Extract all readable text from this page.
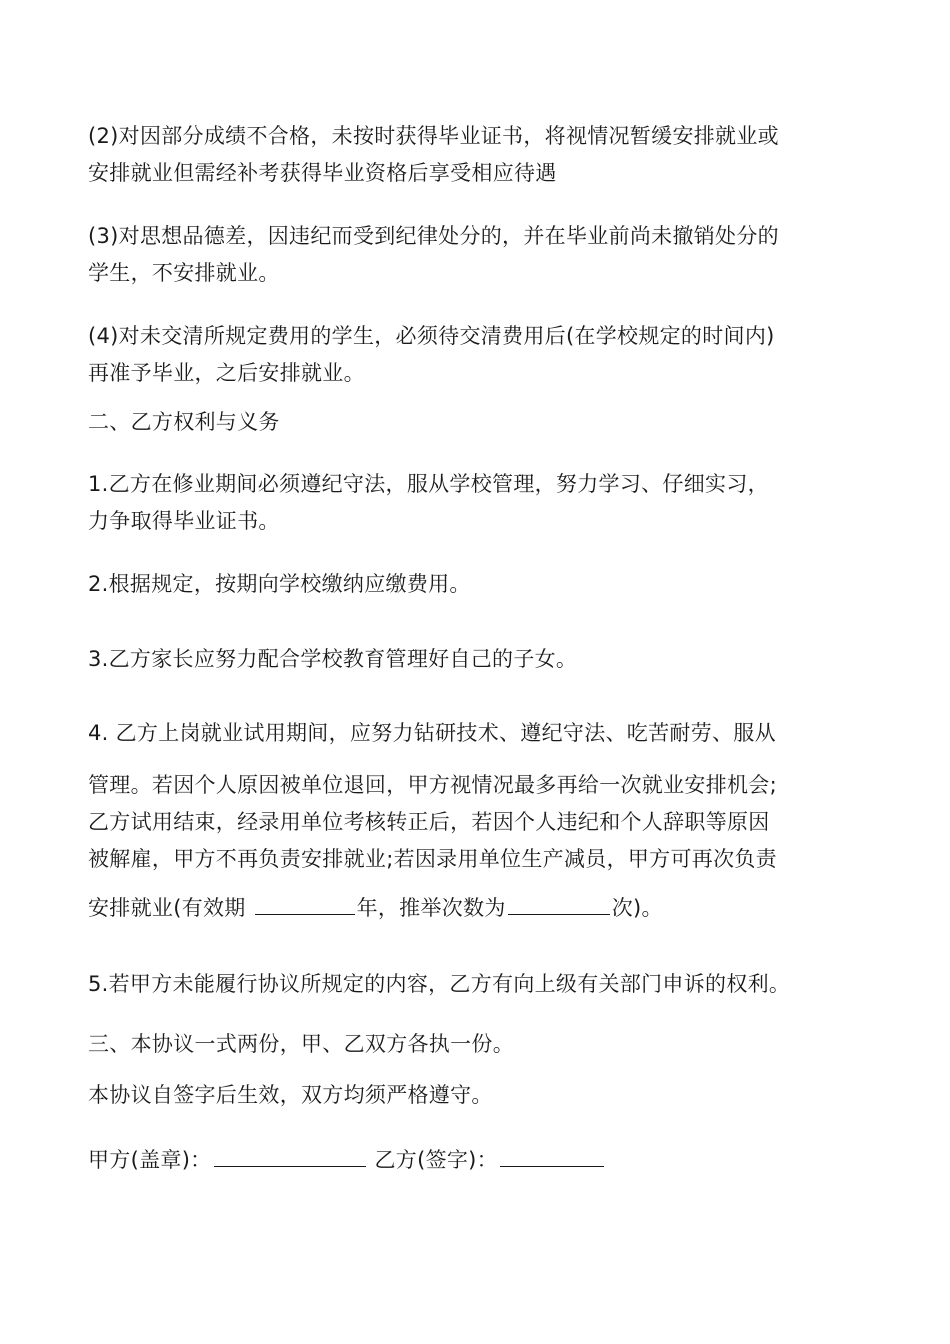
(2)对因部分成绩不合格，未按时获得毕业证书，将视情况暂缓安排就业或
安排就业但需经补考获得毕业资格后享受相应待遇
(3)对思想品德差，因违纪而受到纪律处分的，并在毕业前尚未撤销处分的
学生，不安排就业。
(4)对未交清所规定费用的学生，必须待交清费用后(在学校规定的时间内)
再准予毕业，之后安排就业。
二、乙方权利与义务
1.乙方在修业期间必须遵纪守法，服从学校管理，努力学习、仔细实习，
力争取得毕业证书。
2.根据规定，按期向学校缴纳应缴费用。
3.乙方家长应努力配合学校教育管理好自己的子女。
4. 乙方上岗就业试用期间，应努力钻研技术、遵纪守法、吃苦耐劳、服从
管理。若因个人原因被单位退回，甲方视情况最多再给一次就业安排机会;
乙方试用结束，经录用单位考核转正后，若因个人违纪和个人辞职等原因
被解雇，甲方不再负责安排就业;若因录用单位生产减员，甲方可再次负责
安排就业(有效期	年，推举次数为	次)。
5.若甲方未能履行协议所规定的内容，乙方有向上级有关部门申诉的权利。
三、本协议一式两份，甲、乙双方各执一份。
本协议自签字后生效，双方均须严格遵守。
甲方(盖章)：	乙方(签字)：
